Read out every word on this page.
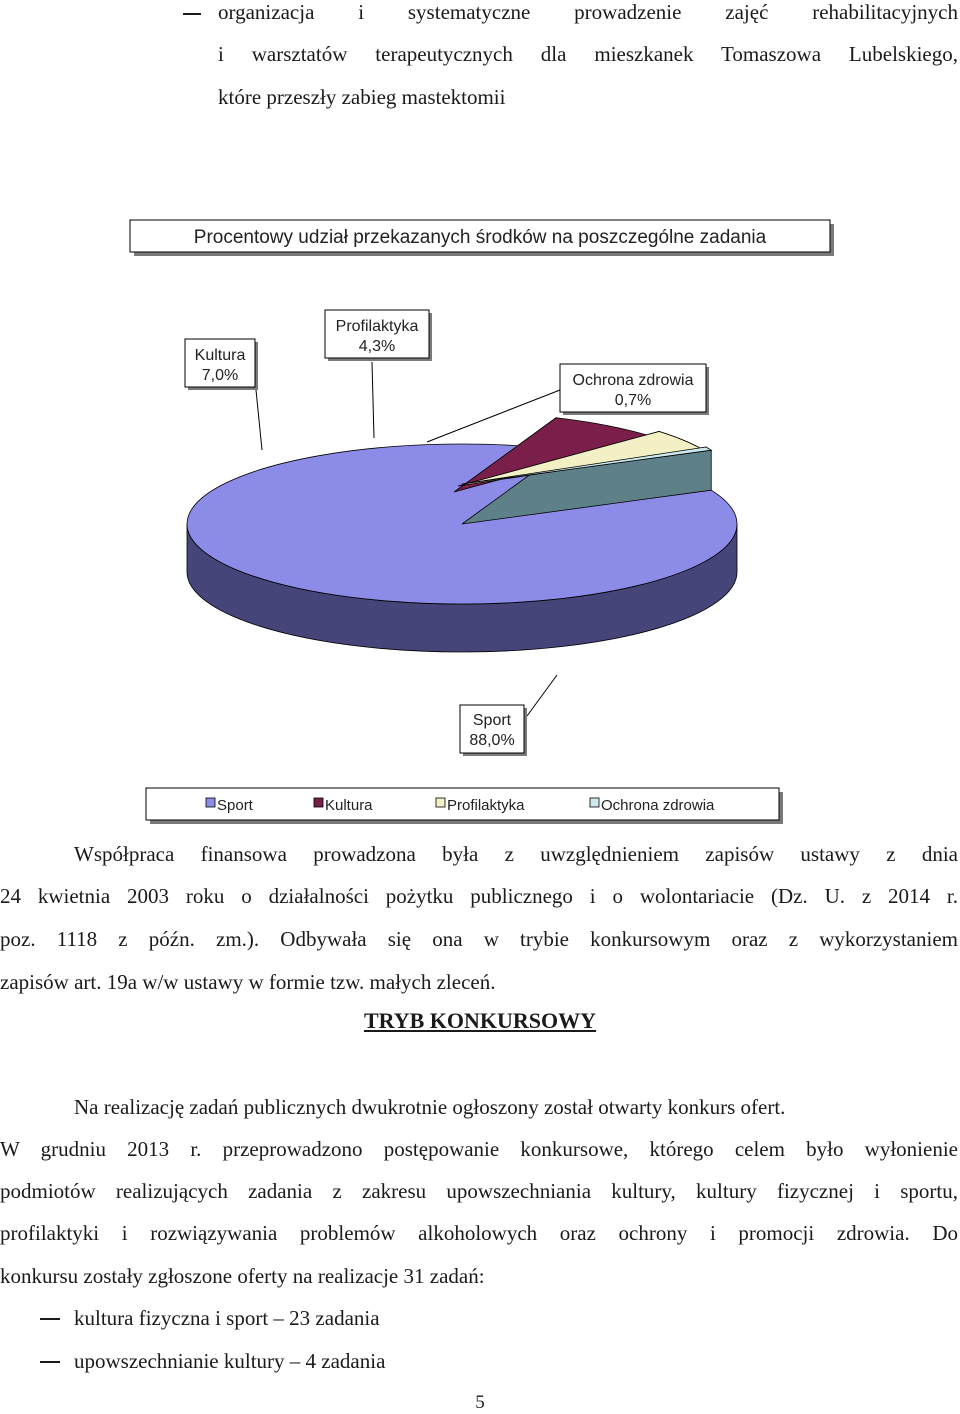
organizacja i systematyczne prowadzenie zajęć rehabilitacyjnych
i warsztatów terapeutycznych dla mieszkanek Tomaszowa Lubelskiego,
które przeszły zabieg mastektomii
Procentowy udział przekazanych środków na poszczególne zadania
Kultura
7,0%
Profilaktyka
4,3%
Ochrona zdrowia
0,7%
Sport
88,0%
Sport	Kultura	Profilaktyka	Ochrona zdrowia
Współpraca finansowa prowadzona była z uwzględnieniem zapisów ustawy z dnia
24 kwietnia 2003 roku o działalności pożytku publicznego i o wolontariacie (Dz. U. z 2014 r.
poz. 1118 z późn. zm.). Odbywała się ona w trybie konkursowym oraz z wykorzystaniem
zapisów art. 19a w/w ustawy w formie tzw. małych zleceń.
TRYB KONKURSOWY
Na realizację zadań publicznych dwukrotnie ogłoszony został otwarty konkurs ofert.
W grudniu 2013 r. przeprowadzono postępowanie konkursowe, którego celem było wyłonienie
podmiotów realizujących zadania z zakresu upowszechniania kultury, kultury fizycznej i sportu,
profilaktyki i rozwiązywania problemów alkoholowych oraz ochrony i promocji zdrowia. Do
konkursu zostały zgłoszone oferty na realizacje 31 zadań:
kultura fizyczna i sport – 23 zadania
upowszechnianie kultury – 4 zadania
5
